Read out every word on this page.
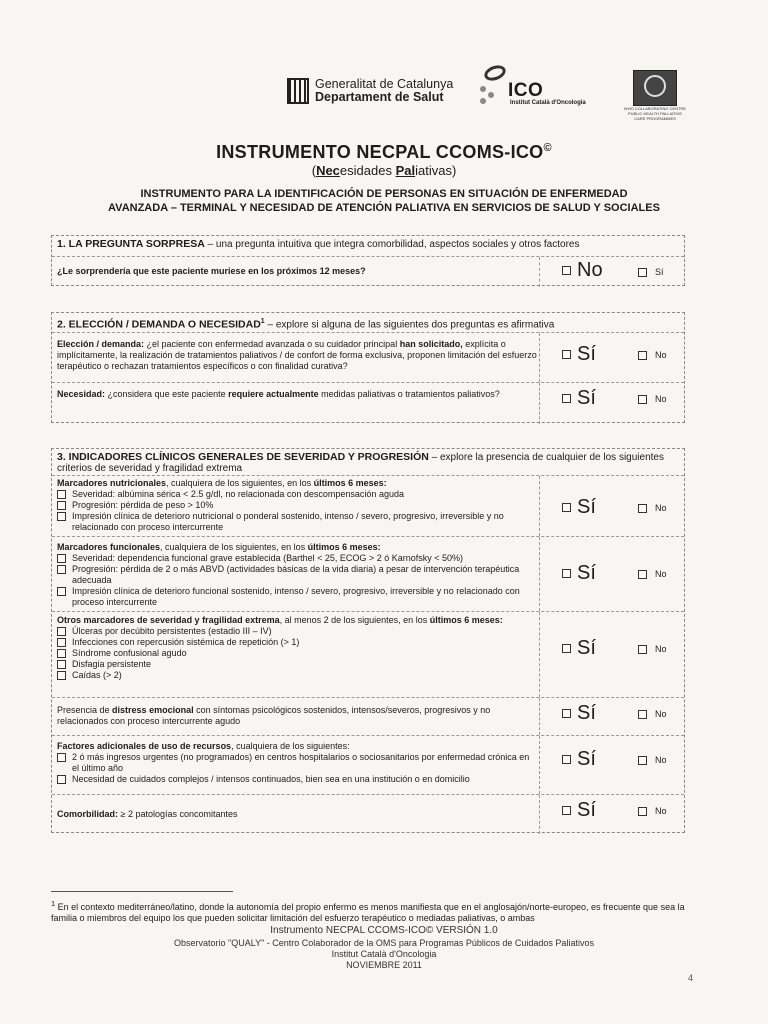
Generalitat de Catalunya
Departament de Salut	ICO
Institut Català d'Oncologia
WHO COLLABORATING CENTRE PUBLIC HEALTH PALLIATIVE CARE PROGRAMMES
INSTRUMENTO NECPAL CCOMS-ICO©
(Necesidades Paliativas)
INSTRUMENTO PARA LA IDENTIFICACIÓN DE PERSONAS EN SITUACIÓN DE ENFERMEDAD
AVANZADA – TERMINAL Y NECESIDAD DE ATENCIÓN PALIATIVA EN SERVICIOS DE SALUD Y SOCIALES
1. LA PREGUNTA SORPRESA – una pregunta intuitiva que integra comorbilidad, aspectos sociales y otros factores
¿Le sorprendería que este paciente muriese en los próximos 12 meses?	No	Sí
2. ELECCIÓN / DEMANDA O NECESIDAD$^1$ – explore si alguna de las siguientes dos preguntas es afirmativa
Elección / demanda: ¿el paciente con enfermedad avanzada o su cuidador principal han solicitado, explícita o implícitamente, la realización de tratamientos paliativos / de confort de forma exclusiva, proponen limitación del esfuerzo terapéutico o rechazan tratamientos específicos o con finalidad curativa?
Sí	No
Necesidad: ¿considera que este paciente requiere actualmente medidas paliativas o tratamientos paliativos?	Sí	No
3. INDICADORES CLÍNICOS GENERALES DE SEVERIDAD Y PROGRESIÓN – explore la presencia de cualquier de los siguientes criterios de severidad y fragilidad extrema
Marcadores nutricionales, cualquiera de los siguientes, en los últimos 6 meses:
Severidad: albúmina sérica < 2.5 g/dl, no relacionada con descompensación aguda
Progresión: pérdida de peso > 10%
Impresión clínica de deterioro nutricional o ponderal sostenido, intenso / severo, progresivo, irreversible y no relacionado con proceso intercurrente
Sí	No
Marcadores funcionales, cualquiera de los siguientes, en los últimos 6 meses:
Severidad: dependencia funcional grave establecida (Barthel < 25, ECOG > 2 ó Karnofsky < 50%)
Progresión: pérdida de 2 o más ABVD (actividades básicas de la vida diaria) a pesar de intervención terapéutica adecuada
Impresión clínica de deterioro funcional sostenido, intenso / severo, progresivo, irreversible y no relacionado con proceso intercurrente
Sí	No
Otros marcadores de severidad y fragilidad extrema, al menos 2 de los siguientes, en los últimos 6 meses:
Úlceras por decúbito persistentes (estadio III – IV)
Infecciones con repercusión sistémica de repetición (> 1)
Síndrome confusional agudo
Disfagia persistente
Caídas (> 2)
Sí	No
Presencia de distress emocional con síntomas psicológicos sostenidos, intensos/severos, progresivos y no relacionados con proceso intercurrente agudo	Sí	No
Factores adicionales de uso de recursos, cualquiera de los siguientes:
2 ó más ingresos urgentes (no programados) en centros hospitalarios o sociosanitarios por enfermedad crónica en el último año
Necesidad de cuidados complejos / intensos continuados, bien sea en una institución o en domicilio
Sí	No
Comorbilidad: ≥ 2 patologías concomitantes	Sí	No
$^1$ En el contexto mediterráneo/latino, donde la autonomía del propio enfermo es menos manifiesta que en el anglosajón/norte-europeo, es frecuente que sea la familia o miembros del equipo los que pueden solicitar limitación del esfuerzo terapéutico o mediadas paliativas, o ambas
Instrumento NECPAL CCOMS-ICO© VERSIÓN 1.0
Observatorio "QUALY" - Centro Colaborador de la OMS para Programas Públicos de Cuidados Paliativos
Institut Català d'Oncologia
NOVIEMBRE 2011
4
